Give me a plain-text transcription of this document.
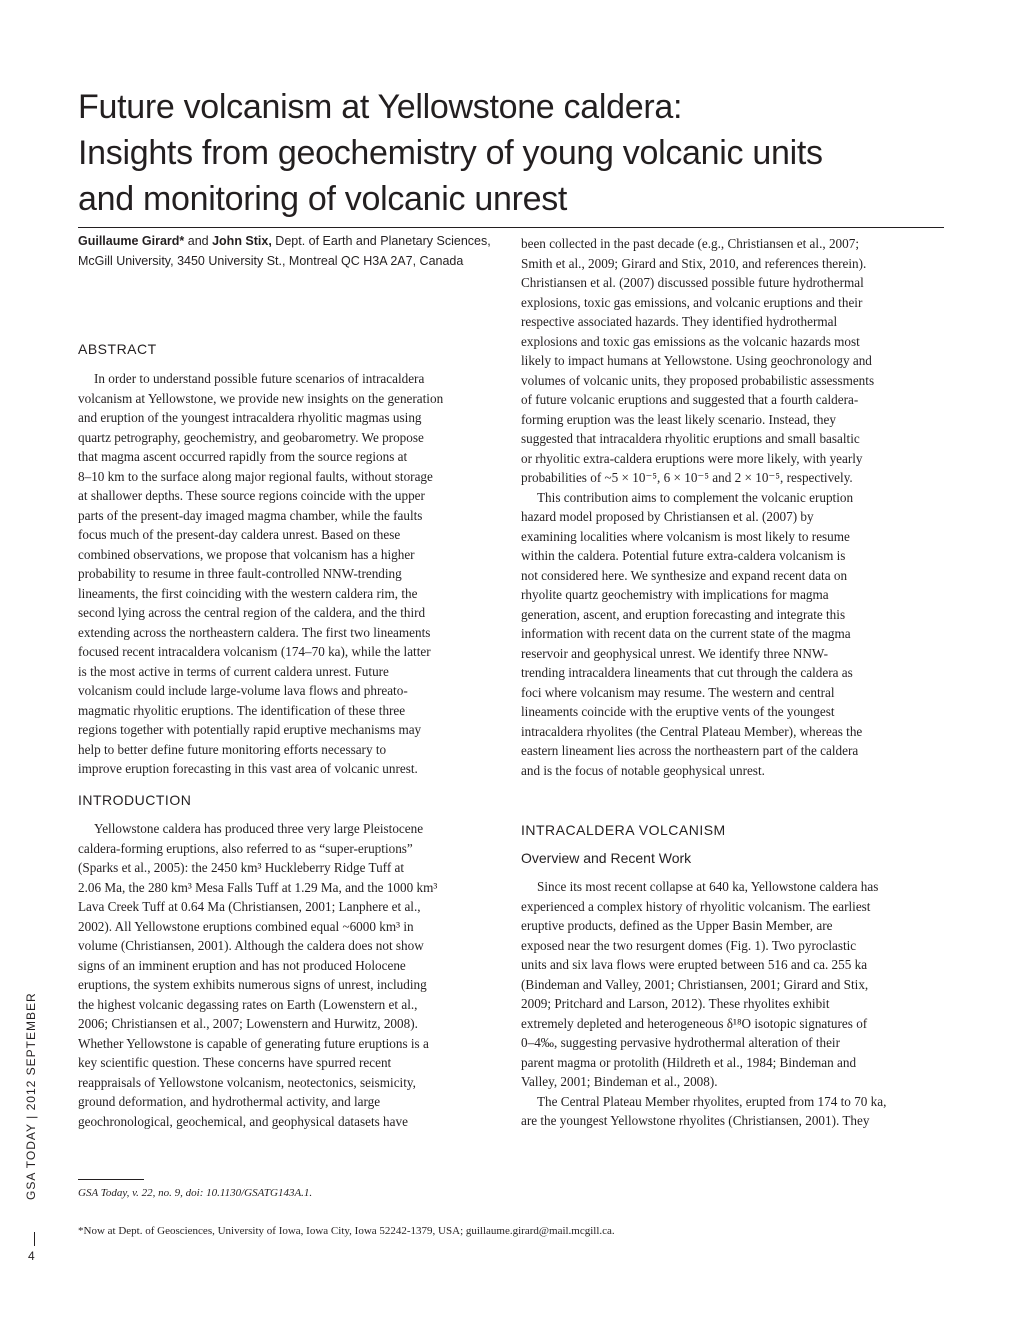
Future volcanism at Yellowstone caldera:
Insights from geochemistry of young volcanic units
and monitoring of volcanic unrest
Guillaume Girard* and John Stix, Dept. of Earth and Planetary Sciences, McGill University, 3450 University St., Montreal QC H3A 2A7, Canada
ABSTRACT
In order to understand possible future scenarios of intracaldera
volcanism at Yellowstone, we provide new insights on the generation
and eruption of the youngest intracaldera rhyolitic magmas using
quartz petrography, geochemistry, and geobarometry. We propose
that magma ascent occurred rapidly from the source regions at
8–10 km to the surface along major regional faults, without storage
at shallower depths. These source regions coincide with the upper
parts of the present-day imaged magma chamber, while the faults
focus much of the present-day caldera unrest. Based on these
combined observations, we propose that volcanism has a higher
probability to resume in three fault-controlled NNW-trending
lineaments, the first coinciding with the western caldera rim, the
second lying across the central region of the caldera, and the third
extending across the northeastern caldera. The first two lineaments
focused recent intracaldera volcanism (174–70 ka), while the latter
is the most active in terms of current caldera unrest. Future
volcanism could include large-volume lava flows and phreato-
magmatic rhyolitic eruptions. The identification of these three
regions together with potentially rapid eruptive mechanisms may
help to better define future monitoring efforts necessary to
improve eruption forecasting in this vast area of volcanic unrest.
INTRODUCTION
Yellowstone caldera has produced three very large Pleistocene
caldera-forming eruptions, also referred to as “super-eruptions”
(Sparks et al., 2005): the 2450 km³ Huckleberry Ridge Tuff at
2.06 Ma, the 280 km³ Mesa Falls Tuff at 1.29 Ma, and the 1000 km³
Lava Creek Tuff at 0.64 Ma (Christiansen, 2001; Lanphere et al.,
2002). All Yellowstone eruptions combined equal ~6000 km³ in
volume (Christiansen, 2001). Although the caldera does not show
signs of an imminent eruption and has not produced Holocene
eruptions, the system exhibits numerous signs of unrest, including
the highest volcanic degassing rates on Earth (Lowenstern et al.,
2006; Christiansen et al., 2007; Lowenstern and Hurwitz, 2008).
Whether Yellowstone is capable of generating future eruptions is a
key scientific question. These concerns have spurred recent
reappraisals of Yellowstone volcanism, neotectonics, seismicity,
ground deformation, and hydrothermal activity, and large
geochronological, geochemical, and geophysical datasets have
been collected in the past decade (e.g., Christiansen et al., 2007;
Smith et al., 2009; Girard and Stix, 2010, and references therein).
Christiansen et al. (2007) discussed possible future hydrothermal
explosions, toxic gas emissions, and volcanic eruptions and their
respective associated hazards. They identified hydrothermal
explosions and toxic gas emissions as the volcanic hazards most
likely to impact humans at Yellowstone. Using geochronology and
volumes of volcanic units, they proposed probabilistic assessments
of future volcanic eruptions and suggested that a fourth caldera-
forming eruption was the least likely scenario. Instead, they
suggested that intracaldera rhyolitic eruptions and small basaltic
or rhyolitic extra-caldera eruptions were more likely, with yearly
probabilities of ~5 × 10⁻⁵, 6 × 10⁻⁵ and 2 × 10⁻⁵, respectively.
This contribution aims to complement the volcanic eruption
hazard model proposed by Christiansen et al. (2007) by
examining localities where volcanism is most likely to resume
within the caldera. Potential future extra-caldera volcanism is
not considered here. We synthesize and expand recent data on
rhyolite quartz geochemistry with implications for magma
generation, ascent, and eruption forecasting and integrate this
information with recent data on the current state of the magma
reservoir and geophysical unrest. We identify three NNW-
trending intracaldera lineaments that cut through the caldera as
foci where volcanism may resume. The western and central
lineaments coincide with the eruptive vents of the youngest
intracaldera rhyolites (the Central Plateau Member), whereas the
eastern lineament lies across the northeastern part of the caldera
and is the focus of notable geophysical unrest.
INTRACALDERA VOLCANISM
Overview and Recent Work
Since its most recent collapse at 640 ka, Yellowstone caldera has
experienced a complex history of rhyolitic volcanism. The earliest
eruptive products, defined as the Upper Basin Member, are
exposed near the two resurgent domes (Fig. 1). Two pyroclastic
units and six lava flows were erupted between 516 and ca. 255 ka
(Bindeman and Valley, 2001; Christiansen, 2001; Girard and Stix,
2009; Pritchard and Larson, 2012). These rhyolites exhibit
extremely depleted and heterogeneous δ¹⁸O isotopic signatures of
0–4‰, suggesting pervasive hydrothermal alteration of their
parent magma or protolith (Hildreth et al., 1984; Bindeman and
Valley, 2001; Bindeman et al., 2008).
The Central Plateau Member rhyolites, erupted from 174 to 70 ka,
are the youngest Yellowstone rhyolites (Christiansen, 2001). They
GSA TODAY | 2012 SEPTEMBER	GSA Today, v. 22, no. 9, doi: 10.1130/GSATG143A.1.
*Now at Dept. of Geosciences, University of Iowa, Iowa City, Iowa 52242-1379, USA; guillaume.girard@mail.mcgill.ca.
4
